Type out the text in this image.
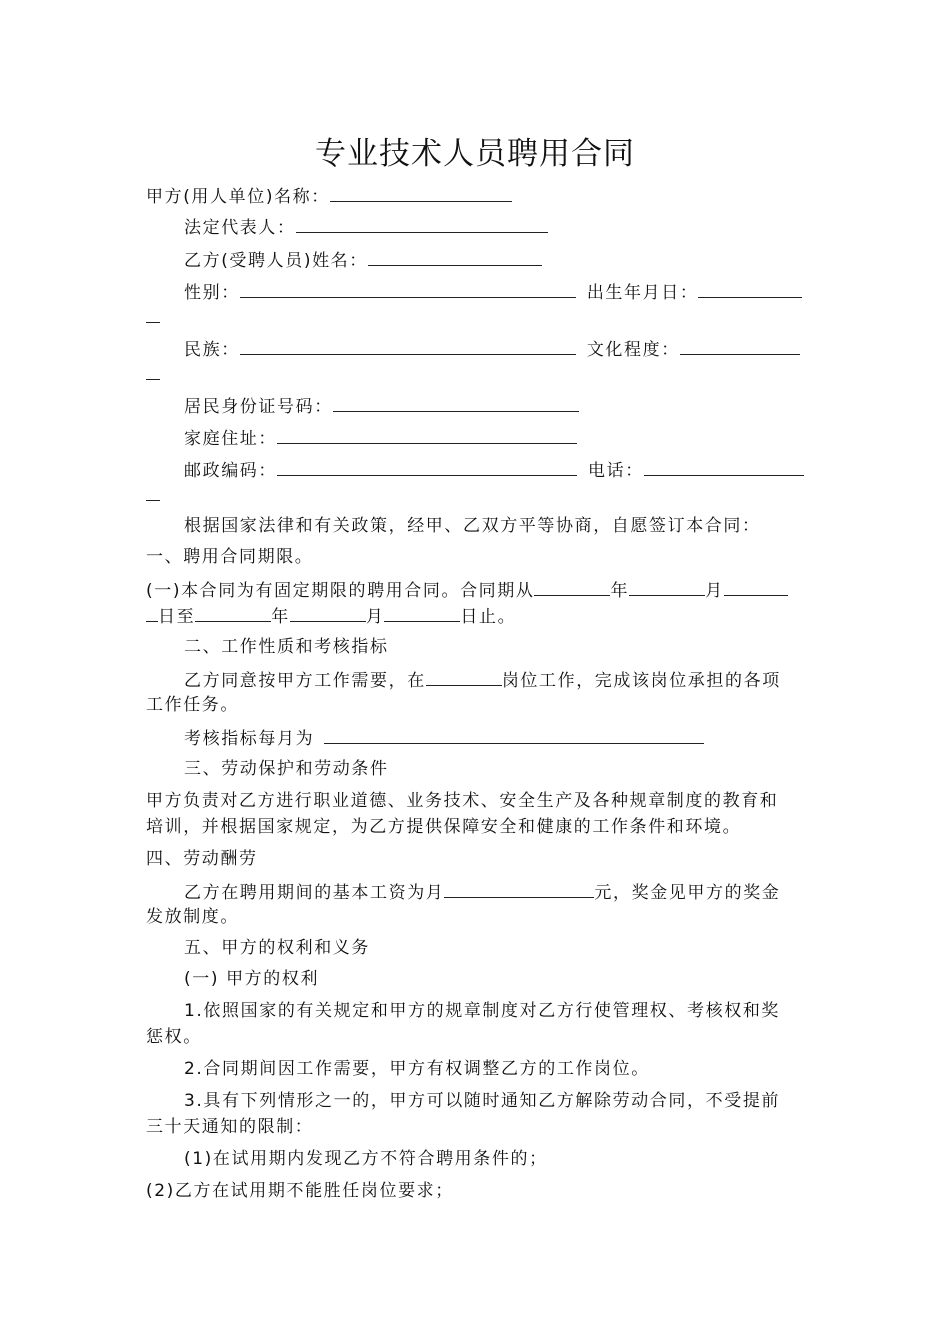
专业技术人员聘用合同
甲方(用人单位)名称：
法定代表人：
乙方(受聘人员)姓名：
性别：	出生年月日：
民族：	文化程度：
居民身份证号码：
家庭住址：
邮政编码：	电话：
根据国家法律和有关政策，经甲、乙双方平等协商，自愿签订本合同：
一、聘用合同期限。
(一)本合同为有固定期限的聘用合同。合同期从	年	月
日至	年	月	日止。
二、工作性质和考核指标
乙方同意按甲方工作需要，在	岗位工作，完成该岗位承担的各项
工作任务。
考核指标每月为
三、劳动保护和劳动条件
甲方负责对乙方进行职业道德、业务技术、安全生产及各种规章制度的教育和
培训，并根据国家规定，为乙方提供保障安全和健康的工作条件和环境。
四、劳动酬劳
乙方在聘用期间的基本工资为月	元，奖金见甲方的奖金
发放制度。
五、甲方的权利和义务
(一) 甲方的权利
1.依照国家的有关规定和甲方的规章制度对乙方行使管理权、考核权和奖
惩权。
2.合同期间因工作需要，甲方有权调整乙方的工作岗位。
3.具有下列情形之一的，甲方可以随时通知乙方解除劳动合同，不受提前
三十天通知的限制：
(1)在试用期内发现乙方不符合聘用条件的；
(2)乙方在试用期不能胜任岗位要求；
